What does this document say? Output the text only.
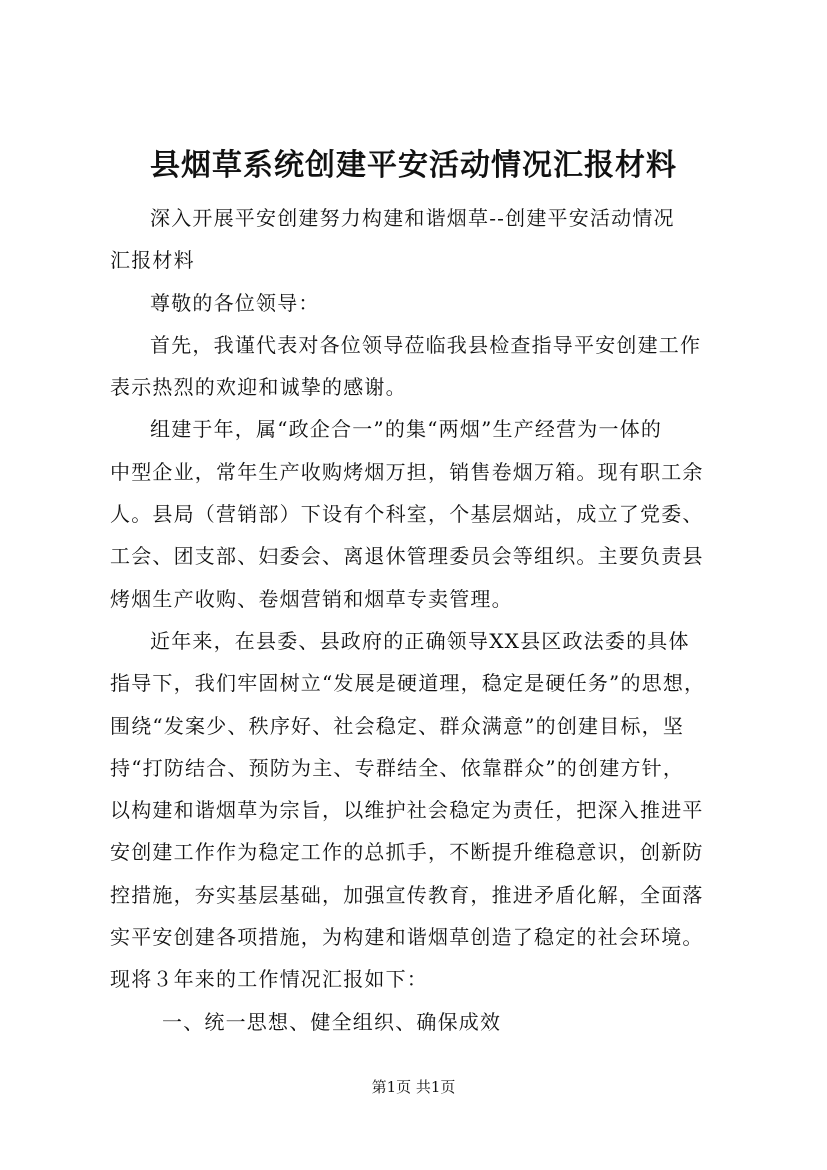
县烟草系统创建平安活动情况汇报材料
深入开展平安创建努力构建和谐烟草--创建平安活动情况
汇报材料
尊敬的各位领导：
首先，我谨代表对各位领导莅临我县检查指导平安创建工作
表示热烈的欢迎和诚挚的感谢。
组建于年，属“政企合一”的集“两烟”生产经营为一体的
中型企业，常年生产收购烤烟万担，销售卷烟万箱。现有职工余
人。县局（营销部）下设有个科室，个基层烟站，成立了党委、
工会、团支部、妇委会、离退休管理委员会等组织。主要负责县
烤烟生产收购、卷烟营销和烟草专卖管理。
近年来，在县委、县政府的正确领导XX县区政法委的具体
指导下，我们牢固树立“发展是硬道理，稳定是硬任务”的思想，
围绕“发案少、秩序好、社会稳定、群众满意”的创建目标，坚
持“打防结合、预防为主、专群结全、依靠群众”的创建方针，
以构建和谐烟草为宗旨，以维护社会稳定为责任，把深入推进平
安创建工作作为稳定工作的总抓手，不断提升维稳意识，创新防
控措施，夯实基层基础，加强宣传教育，推进矛盾化解，全面落
实平安创建各项措施，为构建和谐烟草创造了稳定的社会环境。
现将３年来的工作情况汇报如下：
一、统一思想、健全组织、确保成效
第1页 共1页
